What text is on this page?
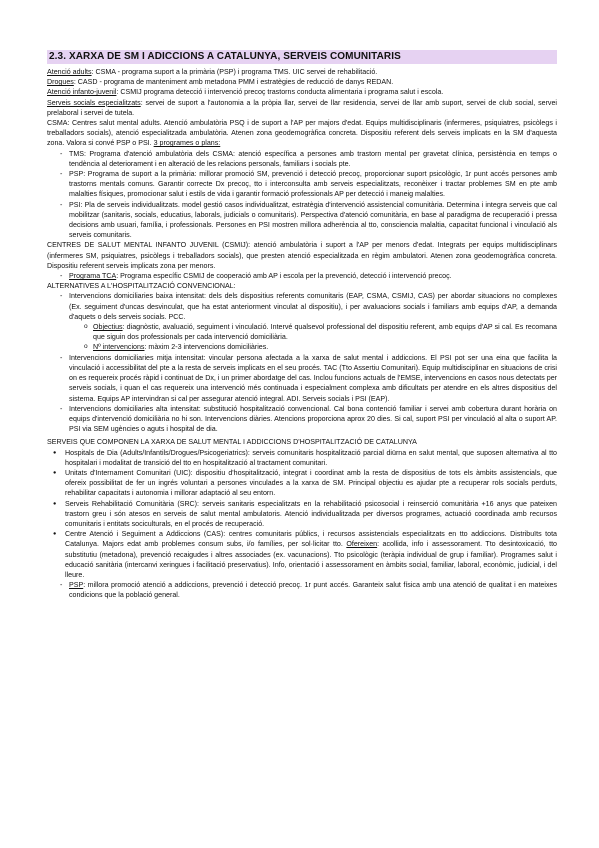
2.3. XARXA DE SM I ADICCIONS A CATALUNYA, SERVEIS COMUNITARIS

Atenció adults: CSMA - programa suport a la primària (PSP) i programa TMS. UIC servei de rehabilitació.

Drogues: CASD - programa de manteniment amb metadona PMM i estratègies de reducció de danys REDAN.

Atenció infanto-juvenil: CSMIJ programa detecció i intervenció precoç trastorns conducta alimentaria i programa salut i escola.

Serveis socials especialitzats: servei de suport a l'autonomia a la pròpia llar, servei de llar residencia, servei de llar amb suport, servei de club social, servei prelaboral i servei de tutela.

CSMA: Centres salut mental adults. Atenció ambulatòria PSQ i de suport a l'AP per majors d'edat. Equips multidisciplinaris (infermeres, psiquiatres, psicòlegs i treballadors socials), atenció especialitzada ambulatòria. Atenen zona geodemogràfica concreta. Dispositiu referent dels serveis implicats en la SM d'aquesta zona. Valora si convé PSP o PSI. 3 programes o plans:

- TMS: Programa d'atenció ambulatòria dels CSMA: atenció específica a persones amb trastorn mental per gravetat clínica, persistència en temps o tendència al deteriorament i en alteració de les relacions personals, familiars i socials pte.
- PSP: Programa de suport a la primària: millorar promoció SM, prevenció i detecció precoç, proporcionar suport psicològic, 1r punt accés persones amb trastorns mentals comuns. Garantir correcte Dx precoç, tto i interconsulta amb serveis especialitzats, reconèixer i tractar problemes SM en pte amb malalties físiques, promocionar salut i estils de vida i garantir formació professionals AP per detecció i maneig malalties.
- PSI: Pla de serveis individualitzats. model gestió casos individualitzat, estratègia d'intervenció assistencial comunitària. Determina i integra serveis que cal mobilitzar (sanitaris, socials, educatius, laborals, judicials o comunitaris). Perspectiva d'atenció comunitària, en base al paradigma de recuperació i pressa decisions amb usuari, família, i professionals. Persones en PSI mostren millora adherència al tto, consciencia malaltia, capacitat funcional i vinculació als serveis comunitaris.

CENTRES DE SALUT MENTAL INFANTO JUVENIL (CSMIJ): atenció ambulatòria i suport a l'AP per menors d'edat. Integrats per equips multidisciplinars (infermeres SM, psiquiatres, psicòlegs i treballadors socials), que presten atenció especialitzada en règim ambulatori. Atenen zona geodemogràfica concreta. Dispositiu referent serveis implicats zona per menors.

- Programa TCA: Programa específic CSMIJ de cooperació amb AP i escola per la prevenció, detecció i intervenció precoç.

ALTERNATIVES A L'HOSPITALITZACIÓ CONVENCIONAL:

- Intervencions domiciliaries baixa intensitat: dels dels dispositius referents comunitaris (EAP, CSMA, CSMIJ, CAS) per abordar situacions no complexes (Ex. seguiment d'uncas desvinculat, que ha estat anteriorment vinculat al dispositiu), i per avaluacions socials i familiars amb equips d'AP, a demanda d'aquets o dels serveis socials. PCC.
o Objectius: diagnòstic, avaluació, seguiment i vinculació. Intervé qualsevol professional del dispositiu referent, amb equips d'AP si cal. Es recomana que siguin dos professionals per cada intervenció domiciliària.
o Nº intervencions: màxim 2-3 intervencions domiciliàries.
- Intervencions domiciliaries mitja intensitat: vincular persona afectada a la xarxa de salut mental i addiccions. El PSI pot ser una eina que facilita la vinculació i accessibilitat del pte a la resta de serveis implicats en el seu procés. TAC (Tto Assertiu Comunitari). Equip multidisciplinar en situacions de crisi on es requereix procés ràpid i continuat de Dx, i un primer abordatge del cas. Inclou funcions actuals de l'EMSE, intervencions en casos nous detectats per serveis socials, i quan el cas requereix una intervenció més continuada i especialment complexa amb dificultats per atendre en els altres dispositius del sistema. Equips AP intervindran si cal per assegurar atenció integral. ADI. Serveis socials i PSI (EAP).
- Intervencions domiciliaries alta intensitat: substitució hospitalització convencional. Cal bona contenció familiar i servei amb cobertura durant horària on equips d'intervenció domiciliària no hi son. Intervencions diàries. Atencions proporciona aprox 20 dies. Si cal, suport PSI per vinculació al alta o suport AP. PSI via SEM ugències o aguts i hospital de dia.

SERVEIS QUE COMPONEN LA XARXA DE SALUT MENTAL I ADDICCIONS D'HOSPITALITZACIÓ DE CATALUNYA

● Hospitals de Dia (Adults/Infantils/Drogues/Psicogeriatrics): serveis comunitaris hospitalització parcial diürna en salut mental, que suposen alternativa al tto hospitalari i modalitat de transició del tto en hospitalització al tractament comunitari.
● Unitats d'Internament Comunitari (UIC): dispositiu d'hospitalització, integrat i coordinat amb la resta de dispositius de tots els àmbits assistencials, que ofereix possibilitat de fer un ingrés voluntari a persones vinculades a la xarxa de SM. Principal objectiu es ajudar pte a recuperar rols socials perduts, rehabilitar capacitats i autonomia i millorar adaptació al seu entorn.
● Serveis Rehabilitació Comunitària (SRC): serveis sanitaris especialitzats en la rehabilitació psicosocial i reinserció comunitària +16 anys que pateixen trastorn greu i són atesos en serveis de salut mental ambulatoris. Atenció individualitzada per diversos programes, actuació coordinada amb recursos comunitaris i entitats sociculturals, en el procés de recuperació.
● Centre Atenció i Seguiment a Addiccions (CAS): centres comunitaris públics, i recursos assistencials especialitzats en tto addiccions. Distribuïts tota Catalunya. Majors edat amb problemes consum subs, i/o famílies, per sol·licitar tto. Ofereixen: acollida, info i assessorament. Tto desintoxicació, tto substitutiu (metadona), prevenció recaigudes i altres associades (ex. vacunacions). Tto psicològic (teràpia individual de grup i familiar). Programes salut i educació sanitària (intercanvi xeringues i facilitació preservatius). Info, orientació i assessorament en àmbits social, familiar, laboral, econòmic, judicial, i del lleure.
- PSP: millora promoció atenció a addiccions, prevenció i detecció precoç. 1r punt accés. Garanteix salut física amb una atenció de qualitat i en mateixes condicions que la població general.
